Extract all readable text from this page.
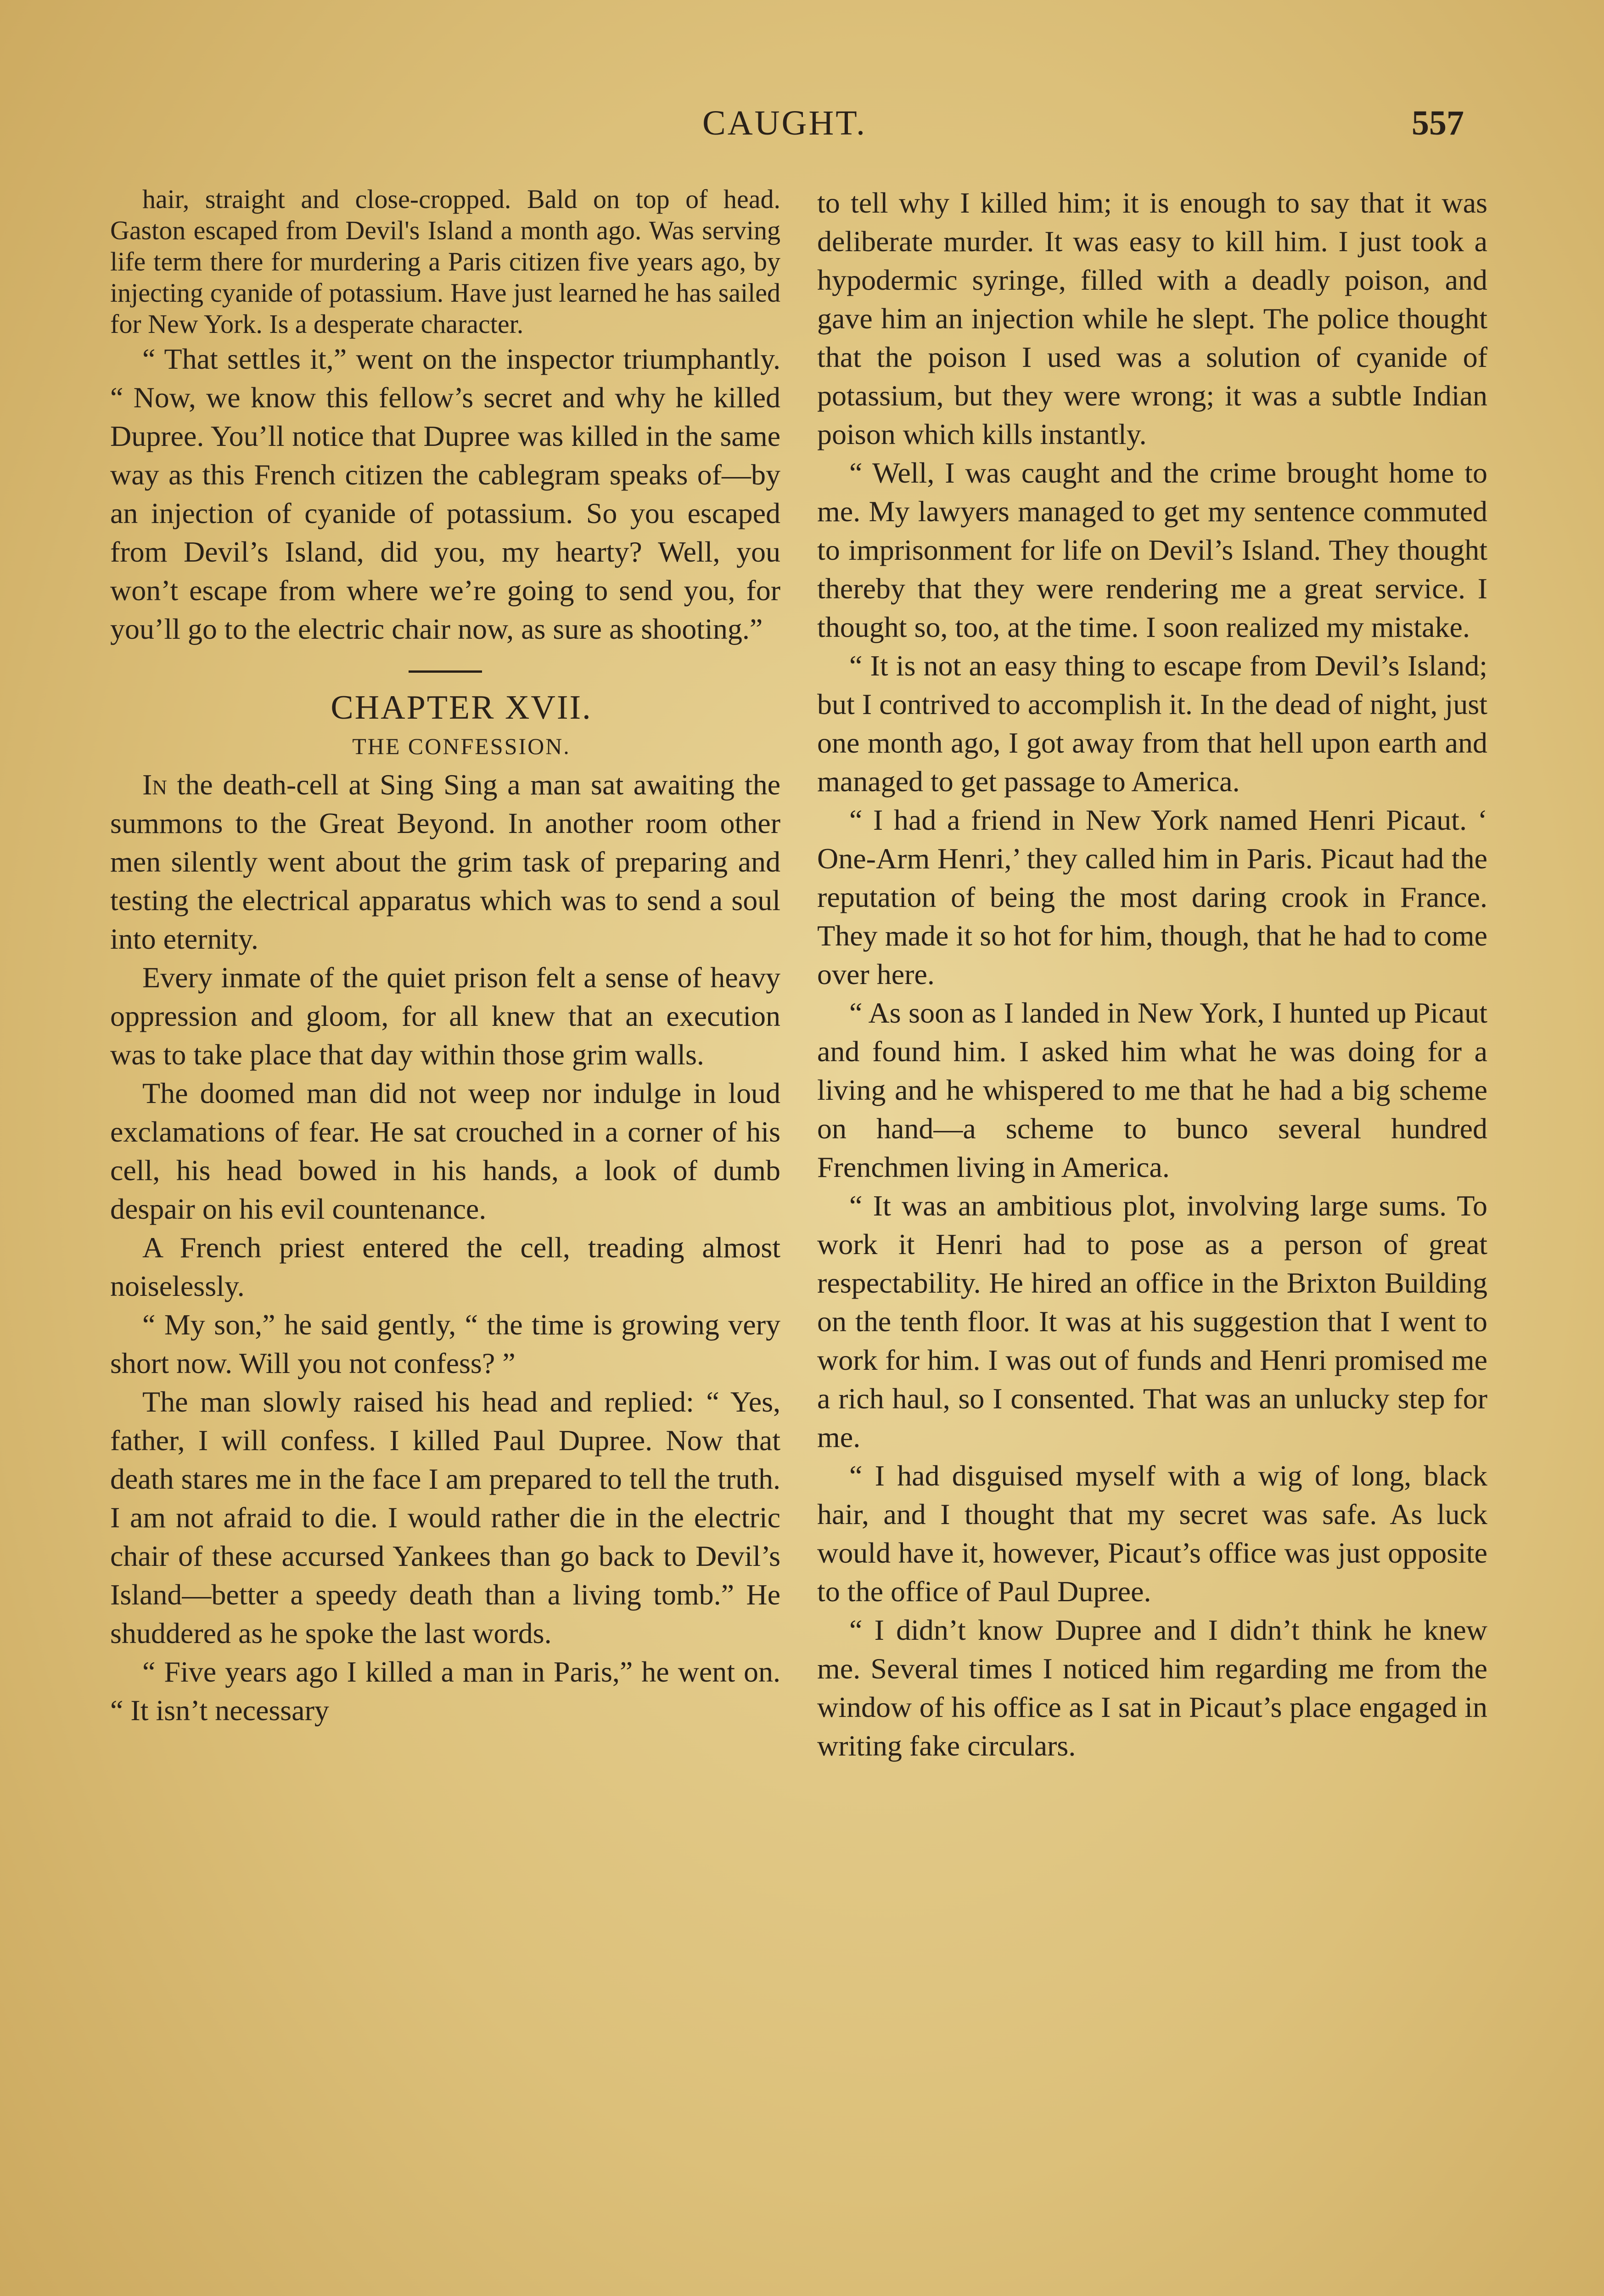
CAUGHT.	557

hair, straight and close-cropped. Bald on top of head. Gaston escaped from Devil's Island a month ago. Was serving life term there for murdering a Paris citizen five years ago, by injecting cyanide of potassium. Have just learned he has sailed for New York. Is a desperate character.

“ That settles it,” went on the inspector triumphantly. “ Now, we know this fellow’s secret and why he killed Dupree. You’ll notice that Dupree was killed in the same way as this French citizen the cablegram speaks of—by an injection of cyanide of potassium. So you escaped from Devil’s Island, did you, my hearty? Well, you won’t escape from where we’re going to send you, for you’ll go to the electric chair now, as sure as shooting.”

CHAPTER XVII.

THE CONFESSION.

In the death-cell at Sing Sing a man sat awaiting the summons to the Great Beyond. In another room other men silently went about the grim task of preparing and testing the electrical apparatus which was to send a soul into eternity.

Every inmate of the quiet prison felt a sense of heavy oppression and gloom, for all knew that an execution was to take place that day within those grim walls.

The doomed man did not weep nor indulge in loud exclamations of fear. He sat crouched in a corner of his cell, his head bowed in his hands, a look of dumb despair on his evil countenance.

A French priest entered the cell, treading almost noiselessly.

“ My son,” he said gently, “ the time is growing very short now. Will you not confess? ”

The man slowly raised his head and replied: “ Yes, father, I will confess. I killed Paul Dupree. Now that death stares me in the face I am prepared to tell the truth. I am not afraid to die. I would rather die in the electric chair of these accursed Yankees than go back to Devil’s Island—better a speedy death than a living tomb.” He shuddered as he spoke the last words.

“ Five years ago I killed a man in Paris,” he went on. “ It isn’t necessary

to tell why I killed him; it is enough to say that it was deliberate murder. It was easy to kill him. I just took a hypodermic syringe, filled with a deadly poison, and gave him an injection while he slept. The police thought that the poison I used was a solution of cyanide of potassium, but they were wrong; it was a subtle Indian poison which kills instantly.

“ Well, I was caught and the crime brought home to me. My lawyers managed to get my sentence commuted to imprisonment for life on Devil’s Island. They thought thereby that they were rendering me a great service. I thought so, too, at the time. I soon realized my mistake.

“ It is not an easy thing to escape from Devil’s Island; but I contrived to accomplish it. In the dead of night, just one month ago, I got away from that hell upon earth and managed to get passage to America.

“ I had a friend in New York named Henri Picaut. ‘ One-Arm Henri,’ they called him in Paris. Picaut had the reputation of being the most daring crook in France. They made it so hot for him, though, that he had to come over here.

“ As soon as I landed in New York, I hunted up Picaut and found him. I asked him what he was doing for a living and he whispered to me that he had a big scheme on hand—a scheme to bunco several hundred Frenchmen living in America.

“ It was an ambitious plot, involving large sums. To work it Henri had to pose as a person of great respectability. He hired an office in the Brixton Building on the tenth floor. It was at his suggestion that I went to work for him. I was out of funds and Henri promised me a rich haul, so I consented. That was an unlucky step for me.

“ I had disguised myself with a wig of long, black hair, and I thought that my secret was safe. As luck would have it, however, Picaut’s office was just opposite to the office of Paul Dupree.

“ I didn’t know Dupree and I didn’t think he knew me. Several times I noticed him regarding me from the window of his office as I sat in Picaut’s place engaged in writing fake circulars.
